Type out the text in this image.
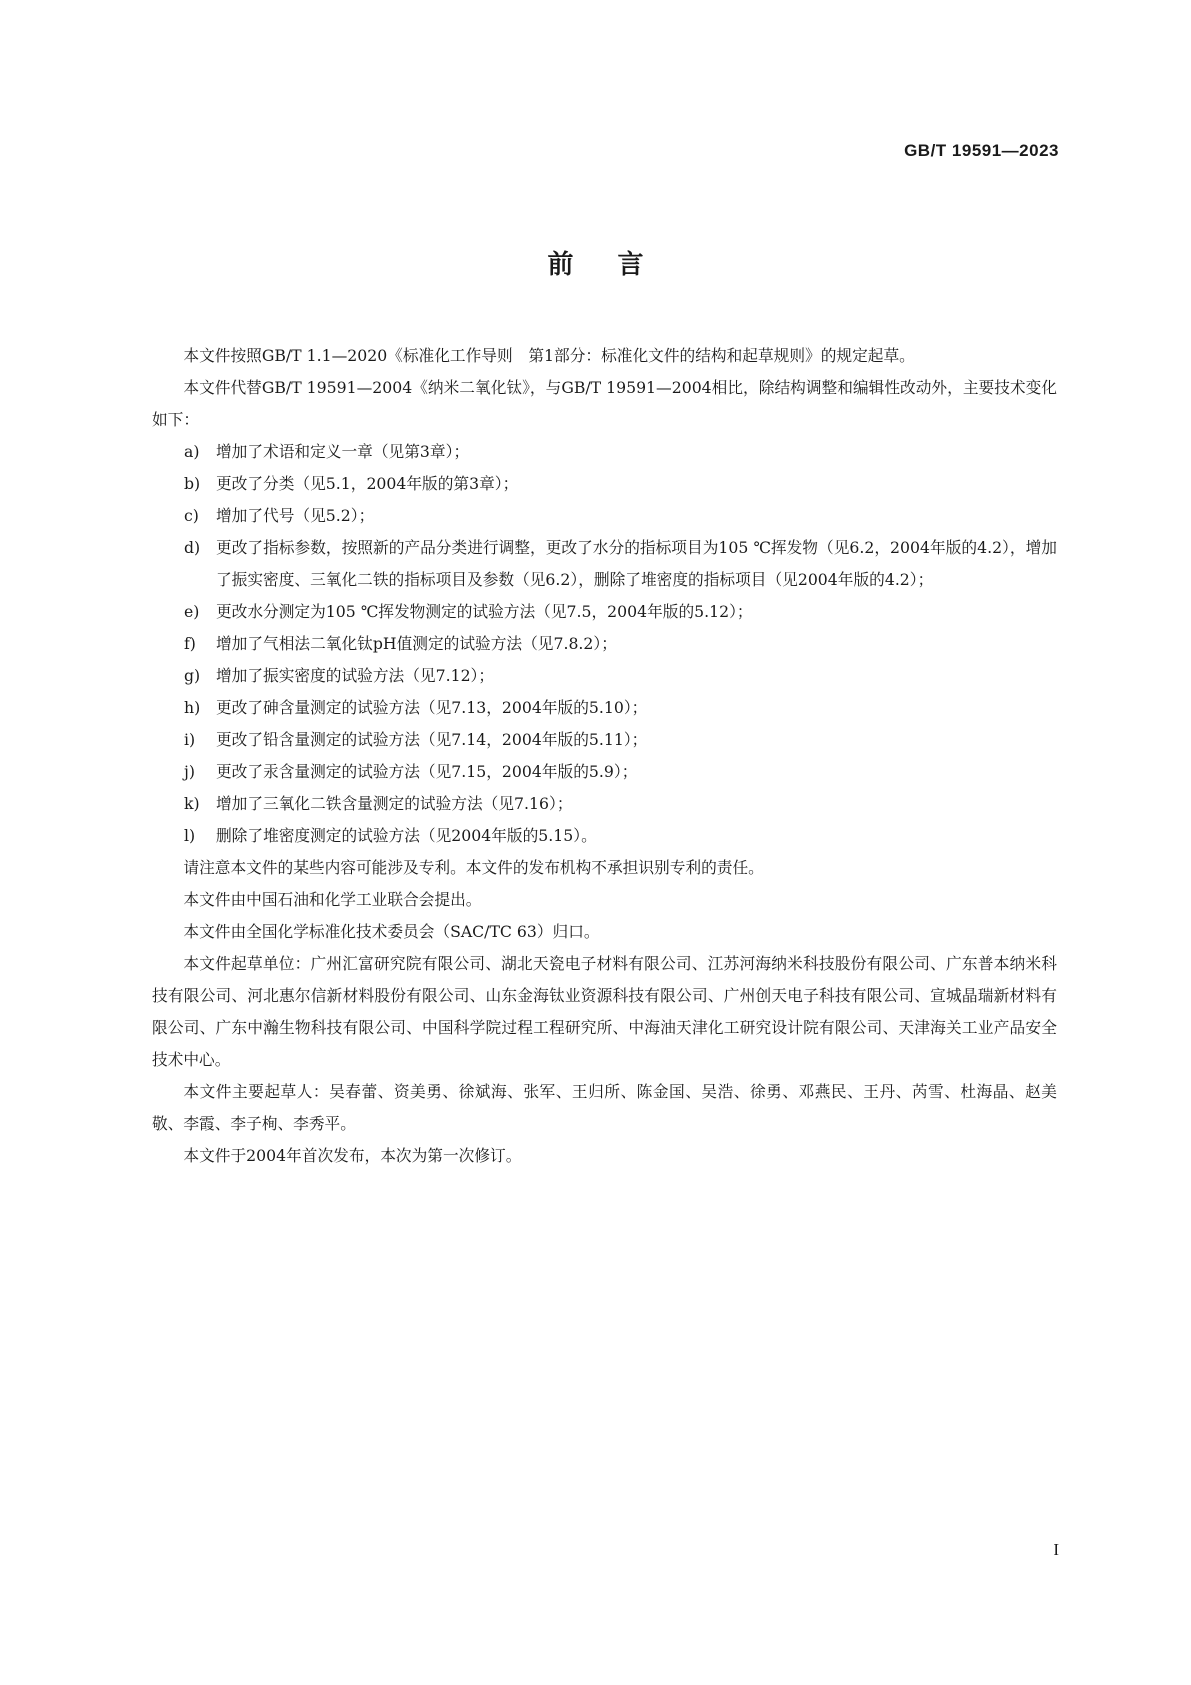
GB/T 19591—2023
前言

本文件按照GB/T 1.1—2020《标准化工作导则　第1部分：标准化文件的结构和起草规则》的规定起草。

本文件代替GB/T 19591—2004《纳米二氧化钛》，与GB/T 19591—2004相比，除结构调整和编辑性改动外，主要技术变化如下：

a) 增加了术语和定义一章（见第3章）；
b) 更改了分类（见5.1，2004年版的第3章）；
c) 增加了代号（见5.2）；
d) 更改了指标参数，按照新的产品分类进行调整，更改了水分的指标项目为105 ℃挥发物（见6.2，2004年版的4.2），增加了振实密度、三氧化二铁的指标项目及参数（见6.2），删除了堆密度的指标项目（见2004年版的4.2）；
e) 更改水分测定为105 ℃挥发物测定的试验方法（见7.5，2004年版的5.12）；
f) 增加了气相法二氧化钛pH值测定的试验方法（见7.8.2）；
g) 增加了振实密度的试验方法（见7.12）；
h) 更改了砷含量测定的试验方法（见7.13，2004年版的5.10）；
i) 更改了铅含量测定的试验方法（见7.14，2004年版的5.11）；
j) 更改了汞含量测定的试验方法（见7.15，2004年版的5.9）；
k) 增加了三氧化二铁含量测定的试验方法（见7.16）；
l) 删除了堆密度测定的试验方法（见2004年版的5.15）。

请注意本文件的某些内容可能涉及专利。本文件的发布机构不承担识别专利的责任。

本文件由中国石油和化学工业联合会提出。

本文件由全国化学标准化技术委员会（SAC/TC 63）归口。

本文件起草单位：广州汇富研究院有限公司、湖北天瓷电子材料有限公司、江苏河海纳米科技股份有限公司、广东普本纳米科技有限公司、河北惠尔信新材料股份有限公司、山东金海钛业资源科技有限公司、广州创天电子科技有限公司、宣城晶瑞新材料有限公司、广东中瀚生物科技有限公司、中国科学院过程工程研究所、中海油天津化工研究设计院有限公司、天津海关工业产品安全技术中心。

本文件主要起草人：吴春蕾、资美勇、徐斌海、张军、王归所、陈金国、吴浩、徐勇、邓燕民、王丹、芮雪、杜海晶、赵美敬、李霞、李子栒、李秀平。

本文件于2004年首次发布，本次为第一次修订。

I
